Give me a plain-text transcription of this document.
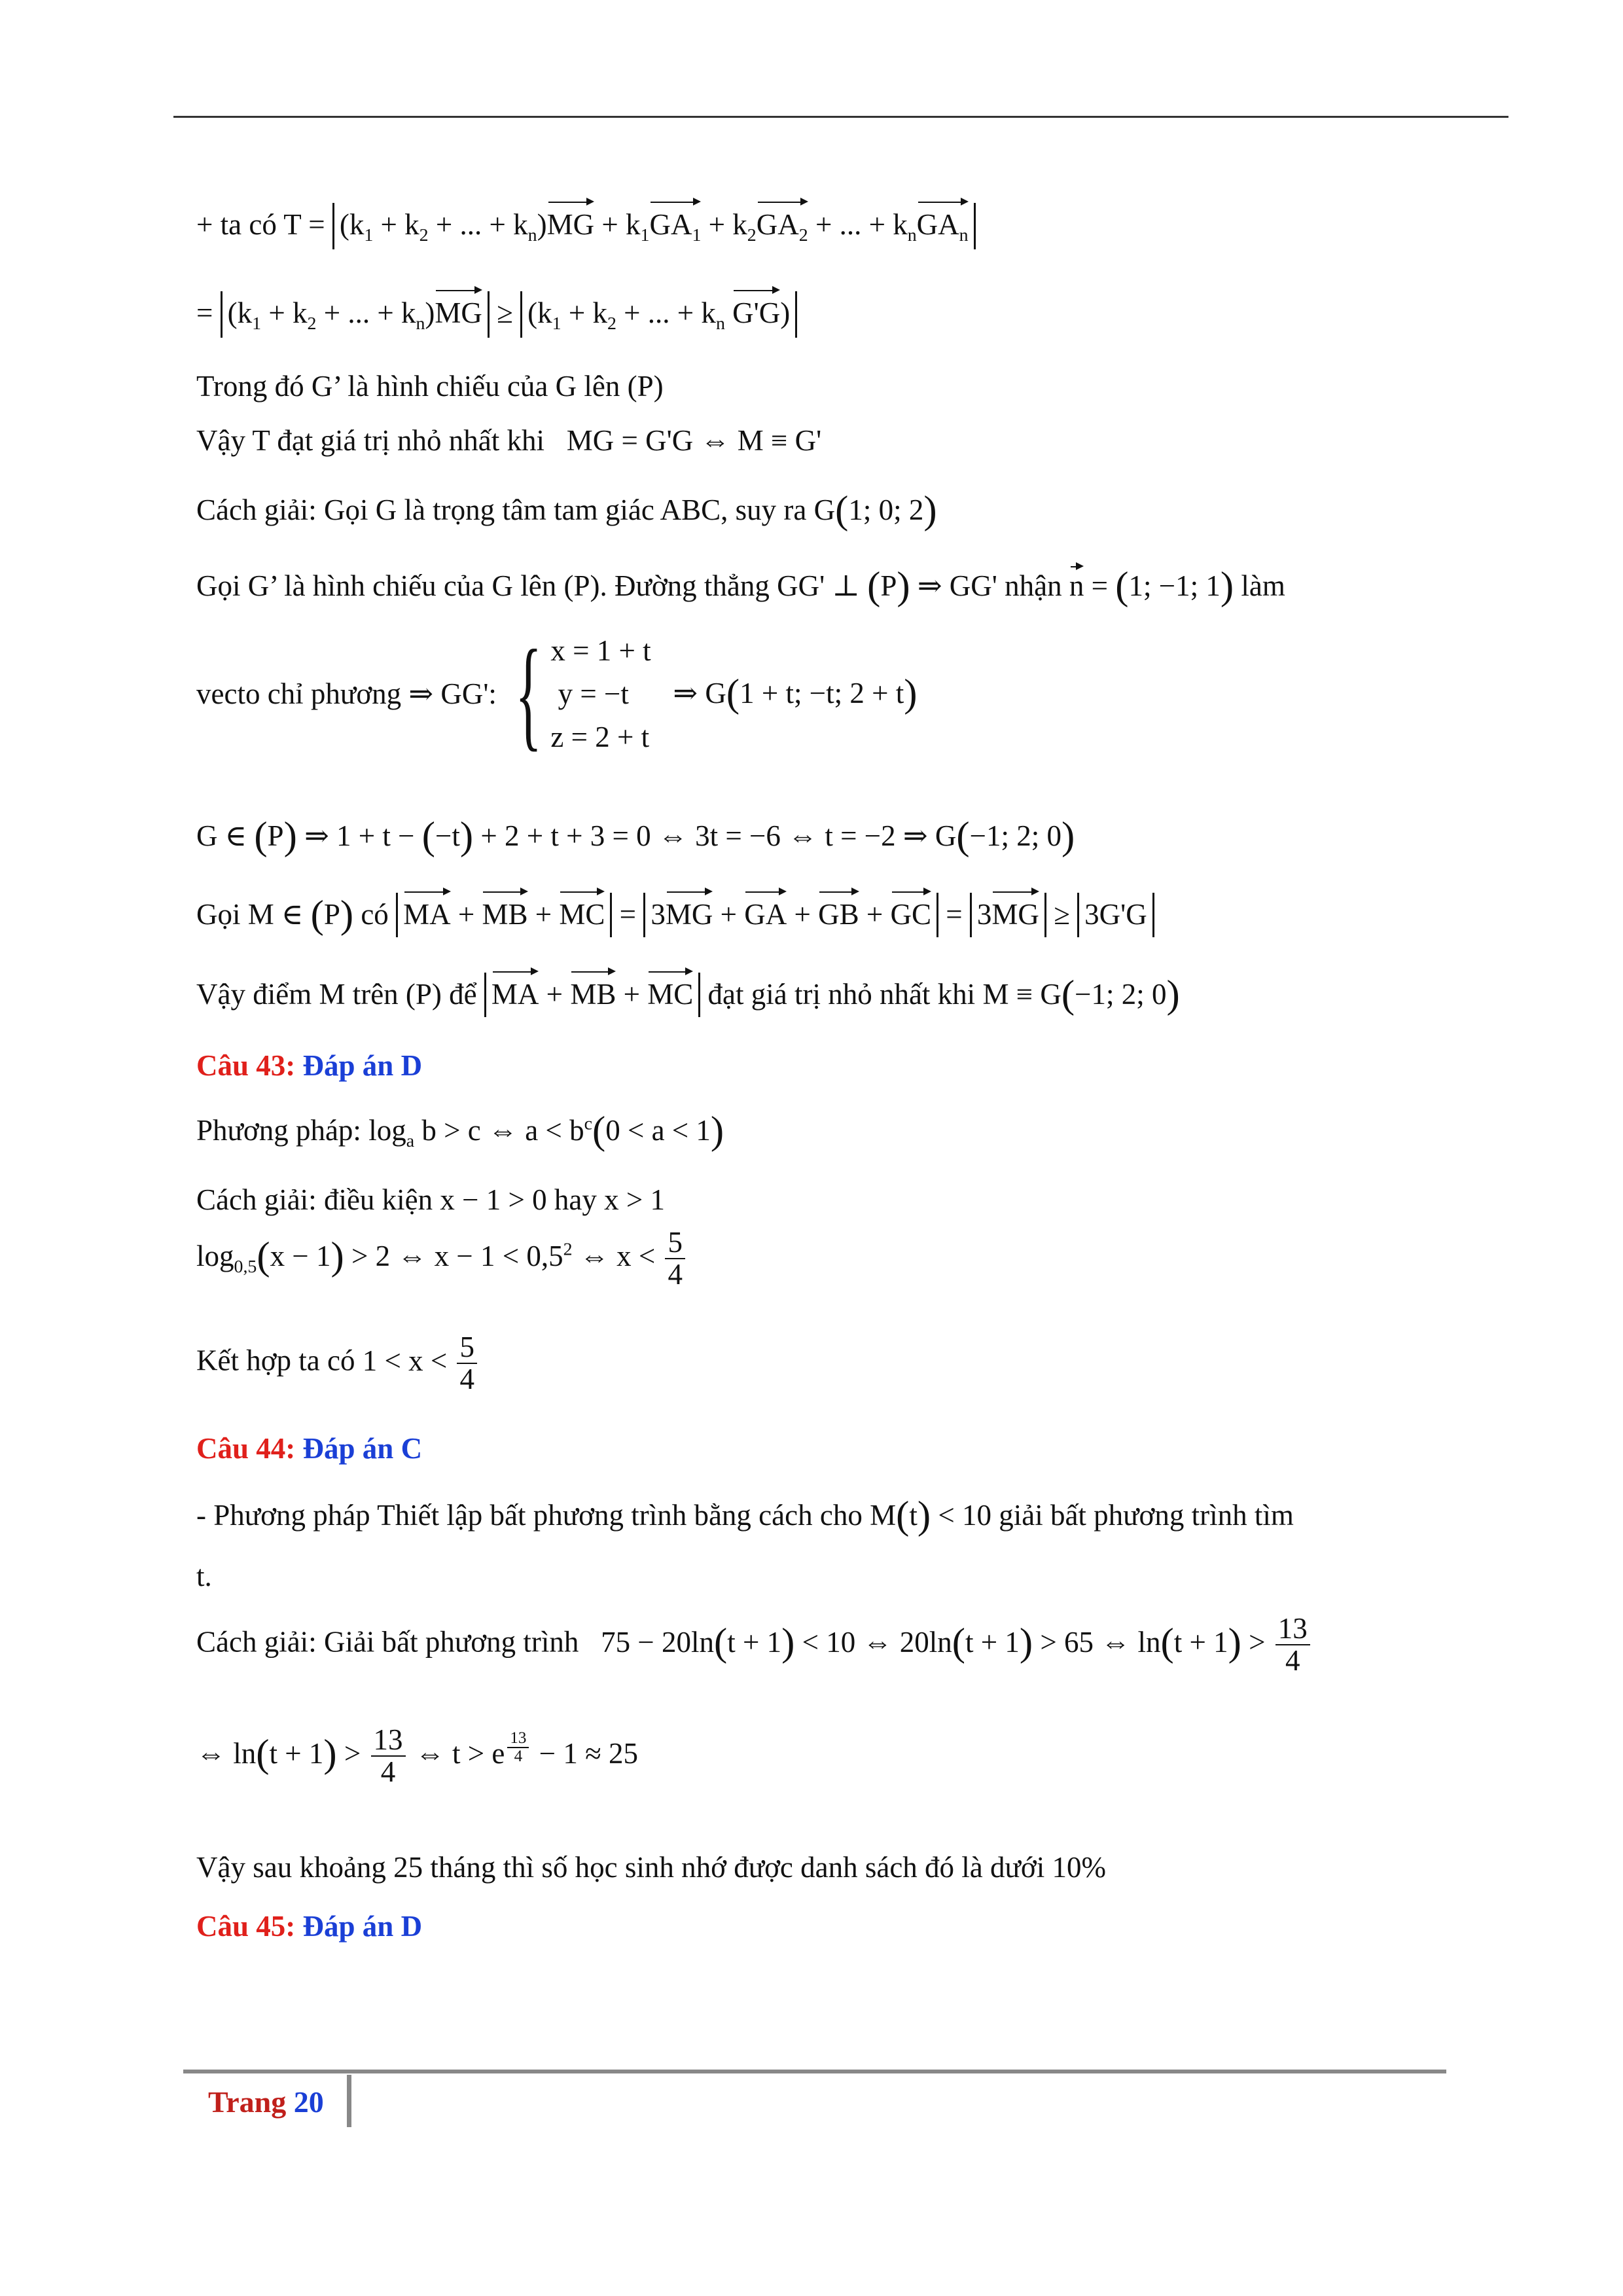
+ ta có $T = (k_1 + k_2$ + ... + $k_n)MG + k_1GA_1 + k_2GA_2$ + ... + $k_nGA_n$
= ($k_1 + k_2$ + ... + $k_n)MG \ge (k_1 + k_2$ + ... + $k_n$ G'G)
Trong đó G’ là hình chiếu của G lên (P)
Vậy T đạt giá trị nhỏ nhất khi   MG = G'G ⇔ M ≡ G'
Cách giải: Gọi G là trọng tâm tam giác ABC, suy ra G(1; 0; 2)
Gọi G’ là hình chiếu của G lên (P). Đường thẳng GG' ⊥ (P) ⇒ GG' nhận n = (1; −1; 1) làm
vecto chỉ phương ⇒ GG': { x = 1 + t
y = −t
z = 2 + t
⇒ G(1 + t; −t; 2 + t)
G ∈ (P) ⇒ 1 + t − (−t) + 2 + t + 3 = 0 ⇔ 3t = −6 ⇔ t = −2 ⇒ G(−1; 2; 0)
Gọi M ∈ (P) có MA + MB + MC = 3MG + GA + GB + GC = 3MG ≥ 3G'G
Vậy điểm M trên (P) để MA + MB + MC đạt giá trị nhỏ nhất khi M ≡ G(−1; 2; 0)
Câu 43: Đáp án D
Phương pháp: $\log_a b > c$ ⇔ $a < b^c(0 < a < 1)$
Cách giải: điều kiện x − 1 > 0 hay x > 1
$\log_{0,5}(x - 1) > 2$ ⇔ $x - 1 < 0,5^2$ ⇔ $x < \frac{5}{4}$
Kết hợp ta có $1 < x < \frac{5}{4}$
Câu 44: Đáp án C
- Phương pháp Thiết lập bất phương trình bằng cách cho M(t) < 10 giải bất phương trình tìm
t.
Cách giải: Giải bất phương trình   75 − 20ln(t + 1) < 10 ⇔ 20ln(t + 1) > 65 ⇔ $\ln(t + 1) > \frac{13}{4}$
⇔ $\ln(t + 1) > \frac{13}{4}$ ⇔ t > e $^{\frac{13}{4}}$ − 1 ≈ 25
Vậy sau khoảng 25 tháng thì số học sinh nhớ được danh sách đó là dưới 10%
Câu 45: Đáp án D
Trang 20
